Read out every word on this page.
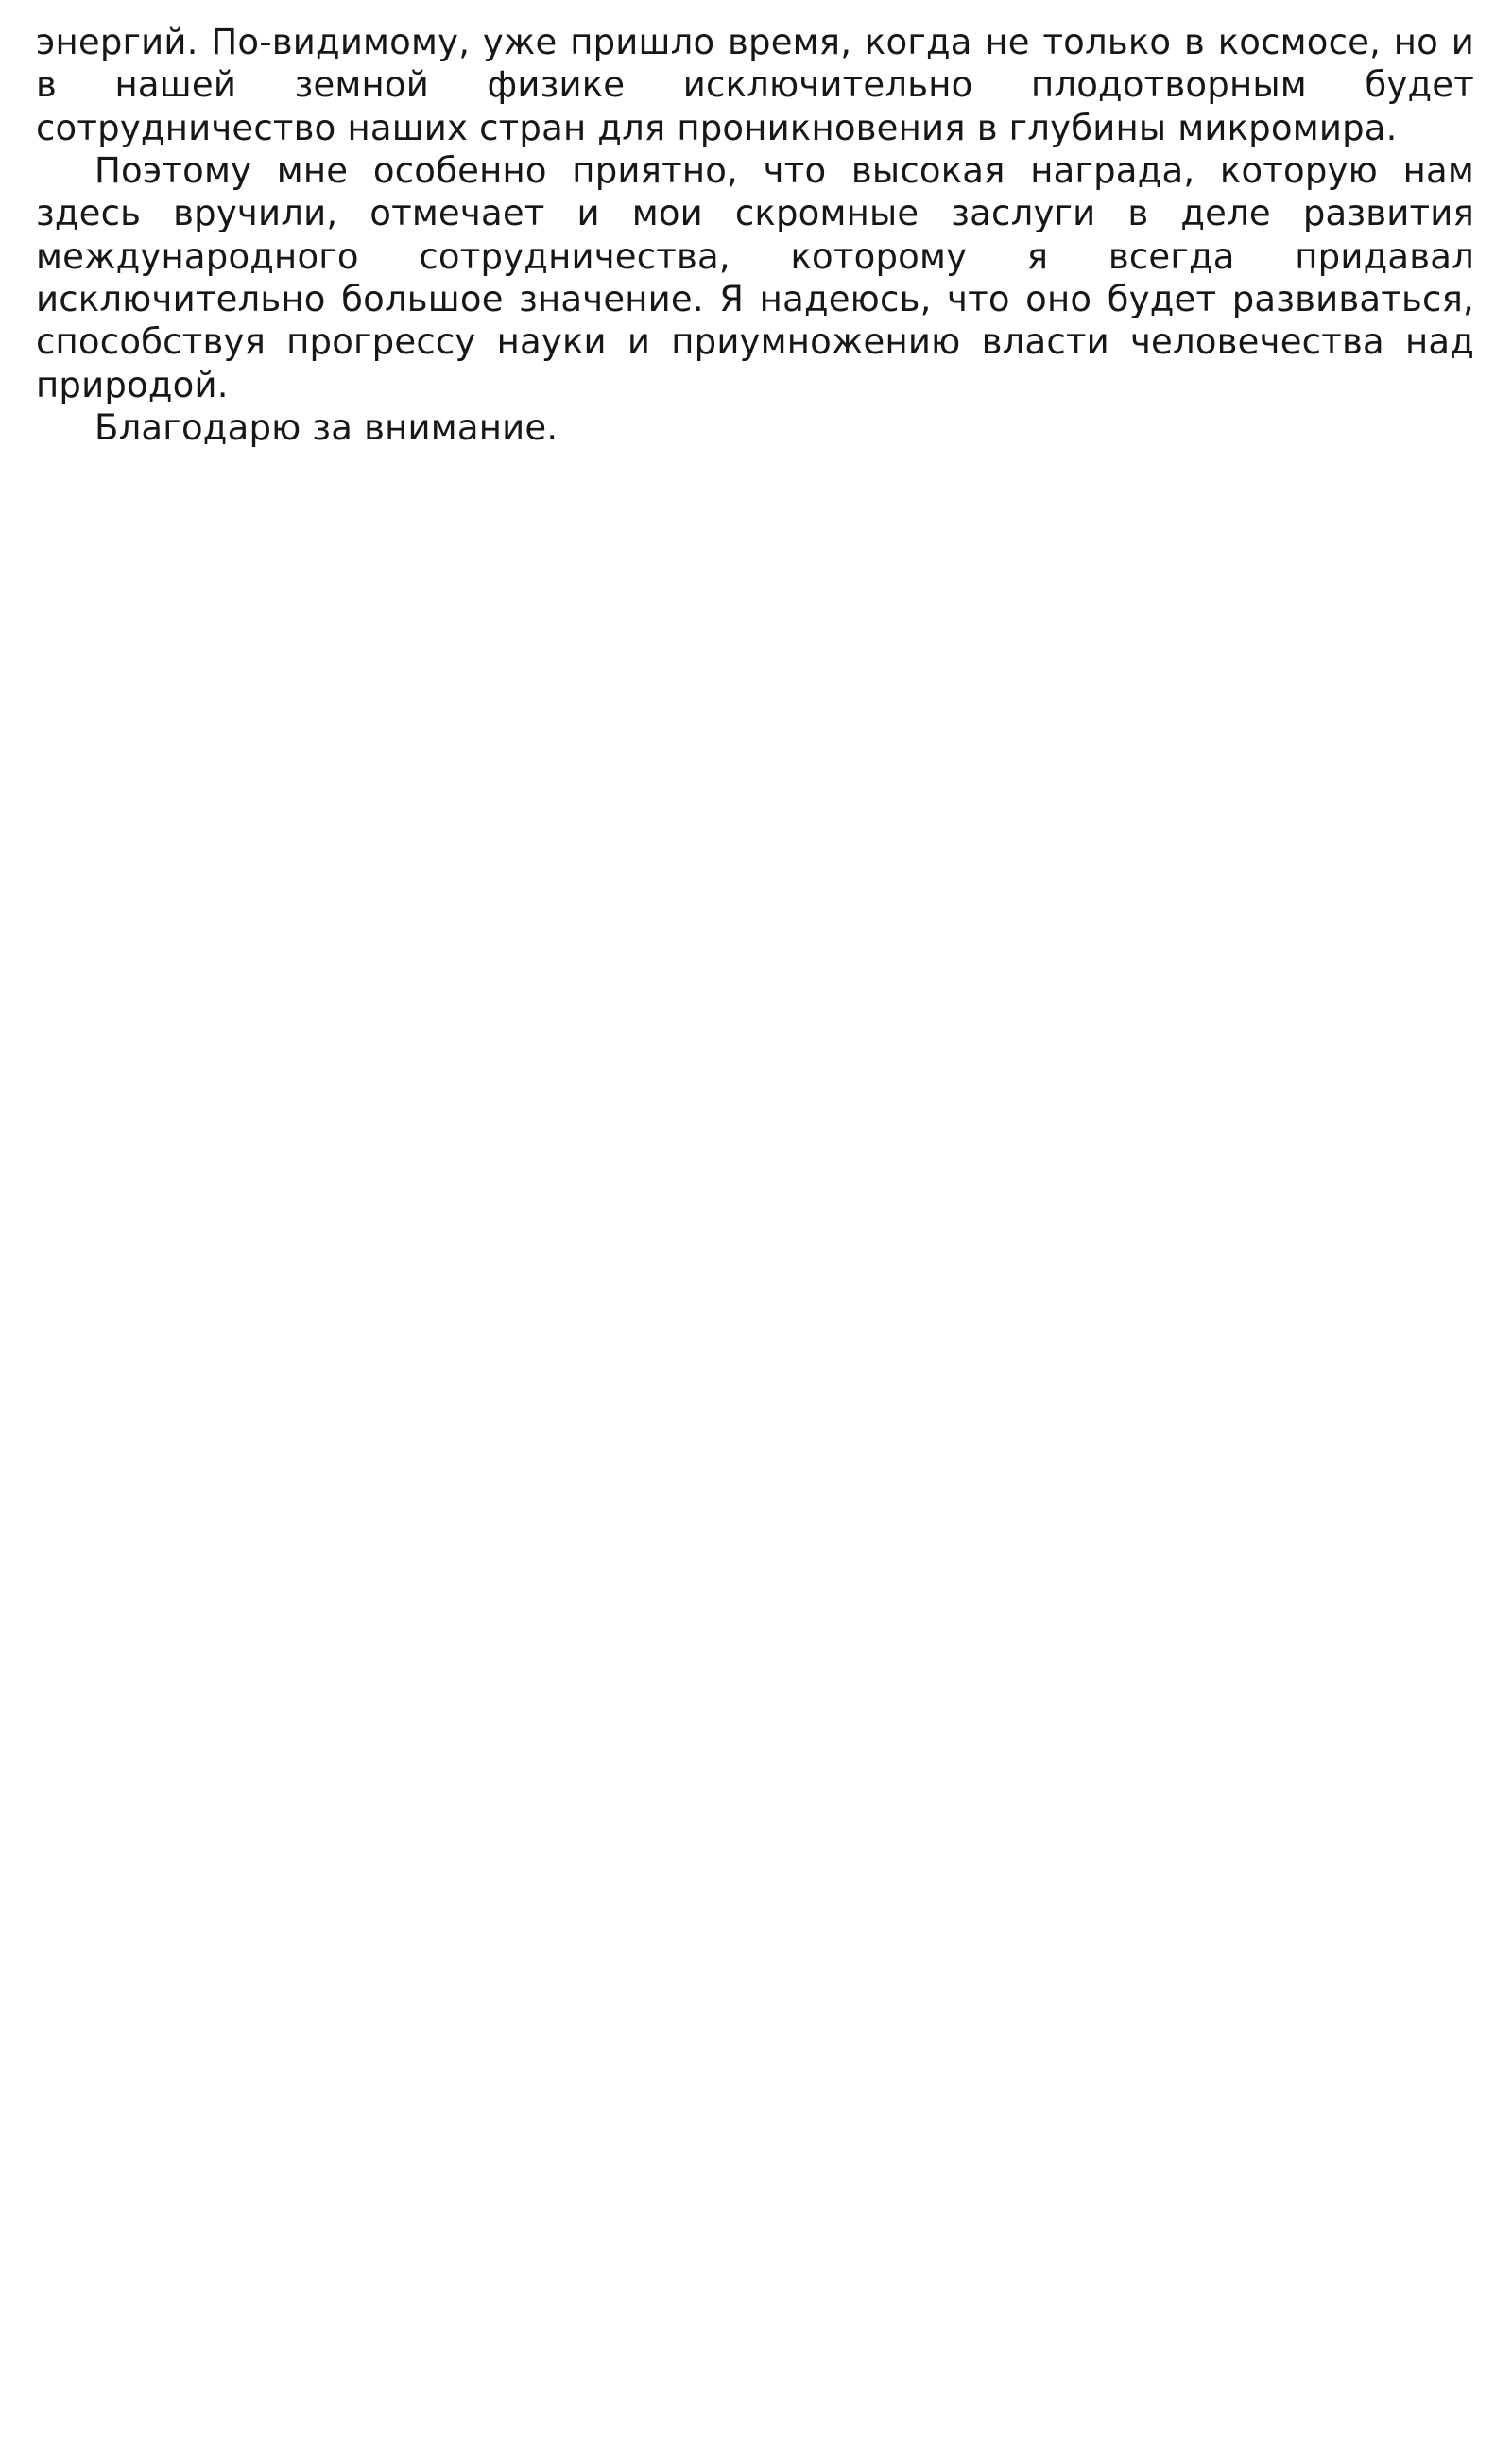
энергий. По-видимому, уже пришло время, когда не только в космосе, но и в нашей земной физике исключительно плодотворным будет сотрудничество наших стран для проникновения в глубины микромира.

Поэтому мне особенно приятно, что высокая награда, которую нам здесь вручили, отмечает и мои скромные заслуги в деле развития международного сотрудничества, которому я всегда придавал исключительно большое значение. Я надеюсь, что оно будет развиваться, способствуя прогрессу науки и приумножению власти человечества над природой.

Благодарю за внимание.
